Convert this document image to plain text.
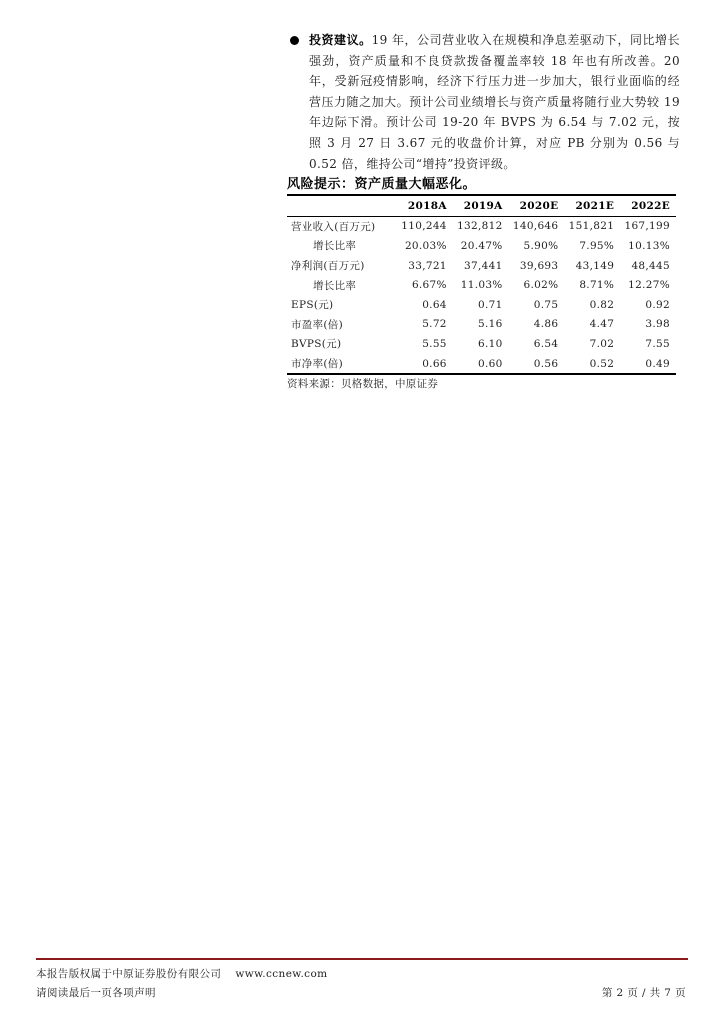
投资建议。19 年，公司营业收入在规模和净息差驱动下，同比增长强劲，资产质量和不良贷款拨备覆盖率较 18 年也有所改善。20 年，受新冠疫情影响，经济下行压力进一步加大，银行业面临的经营压力随之加大。预计公司业绩增长与资产质量将随行业大势较 19 年边际下滑。预计公司 19-20 年 BVPS 为 6.54 与 7.02 元，按照 3 月 27 日 3.67 元的收盘价计算，对应 PB 分别为 0.56 与 0.52 倍，维持公司“增持”投资评级。
风险提示：资产质量大幅恶化。
	2018A	2019A	2020E	2021E	2022E
营业收入(百万元)	110,244	132,812	140,646	151,821	167,199
增长比率	20.03%	20.47%	5.90%	7.95%	10.13%
净利润(百万元)	33,721	37,441	39,693	43,149	48,445
增长比率	6.67%	11.03%	6.02%	8.71%	12.27%
EPS(元)	0.64	0.71	0.75	0.82	0.92
市盈率(倍)	5.72	5.16	4.86	4.47	3.98
BVPS(元)	5.55	6.10	6.54	7.02	7.55
市净率(倍)	0.66	0.60	0.56	0.52	0.49
资料来源：贝格数据，中原证券
本报告版权属于中原证券股份有限公司 www.ccnew.com
请阅读最后一页各项声明	第 2 页 / 共 7 页
